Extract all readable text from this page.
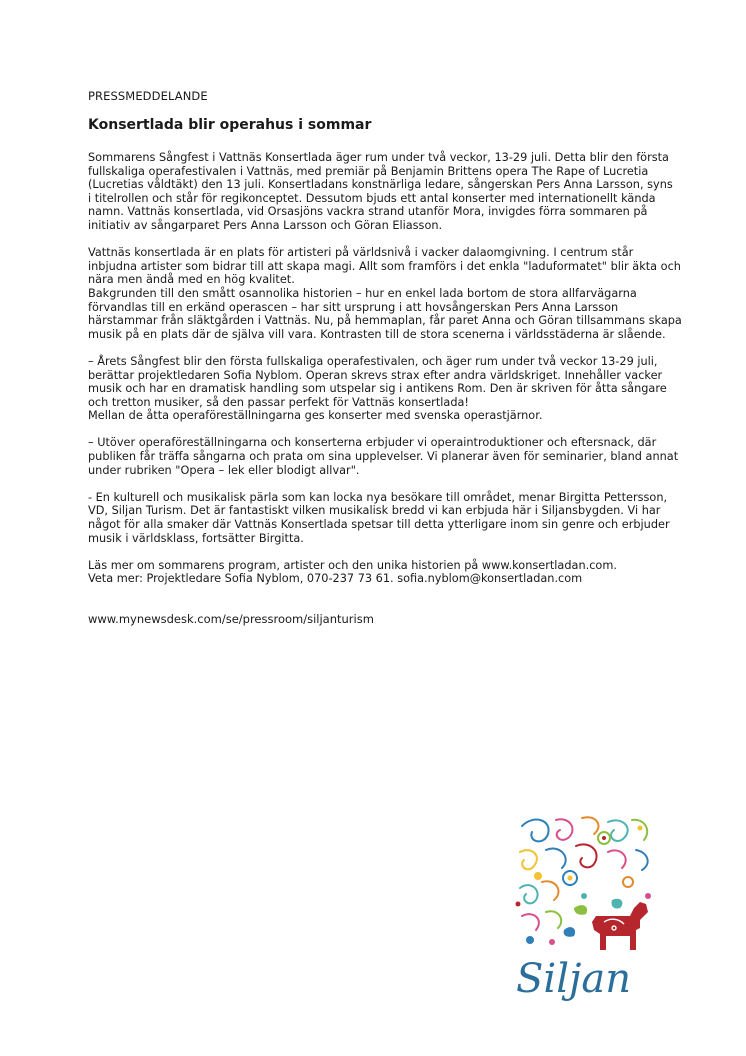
PRESSMEDDELANDE
Konsertlada blir operahus i sommar
Sommarens Sångfest i Vattnäs Konsertlada äger rum under två veckor, 13-29 juli. Detta blir den första
fullskaliga operafestivalen i Vattnäs, med premiär på Benjamin Brittens opera The Rape of Lucretia
(Lucretias våldtäkt) den 13 juli. Konsertladans konstnärliga ledare, sångerskan Pers Anna Larsson, syns
i titelrollen och står för regikonceptet. Dessutom bjuds ett antal konserter med internationellt kända
namn. Vattnäs konsertlada, vid Orsasjöns vackra strand utanför Mora, invigdes förra sommaren på
initiativ av sångarparet Pers Anna Larsson och Göran Eliasson.
Vattnäs konsertlada är en plats för artisteri på världsnivå i vacker dalaomgivning. I centrum står
inbjudna artister som bidrar till att skapa magi. Allt som framförs i det enkla "laduformatet" blir äkta och
nära men ändå med en hög kvalitet.
Bakgrunden till den smått osannolika historien – hur en enkel lada bortom de stora allfarvägarna
förvandlas till en erkänd operascen – har sitt ursprung i att hovsångerskan Pers Anna Larsson
härstammar från släktgården i Vattnäs. Nu, på hemmaplan, får paret Anna och Göran tillsammans skapa
musik på en plats där de själva vill vara. Kontrasten till de stora scenerna i världsstäderna är slående.
– Årets Sångfest blir den första fullskaliga operafestivalen, och äger rum under två veckor 13-29 juli,
berättar projektledaren Sofia Nyblom. Operan skrevs strax efter andra världskriget. Innehåller vacker
musik och har en dramatisk handling som utspelar sig i antikens Rom. Den är skriven för åtta sångare
och tretton musiker, så den passar perfekt för Vattnäs konsertlada!
Mellan de åtta operaföreställningarna ges konserter med svenska operastjärnor.
– Utöver operaföreställningarna och konserterna erbjuder vi operaintroduktioner och eftersnack, där
publiken får träffa sångarna och prata om sina upplevelser. Vi planerar även för seminarier, bland annat
under rubriken "Opera – lek eller blodigt allvar".
- En kulturell och musikalisk pärla som kan locka nya besökare till området, menar Birgitta Pettersson,
VD, Siljan Turism. Det är fantastiskt vilken musikalisk bredd vi kan erbjuda här i Siljansbygden. Vi har
något för alla smaker där Vattnäs Konsertlada spetsar till detta ytterligare inom sin genre och erbjuder
musik i världsklass, fortsätter Birgitta.
Läs mer om sommarens program, artister och den unika historien på www.konsertladan.com.
Veta mer: Projektledare Sofia Nyblom, 070-237 73 61. sofia.nyblom@konsertladan.com
www.mynewsdesk.com/se/pressroom/siljanturism
Siljan
